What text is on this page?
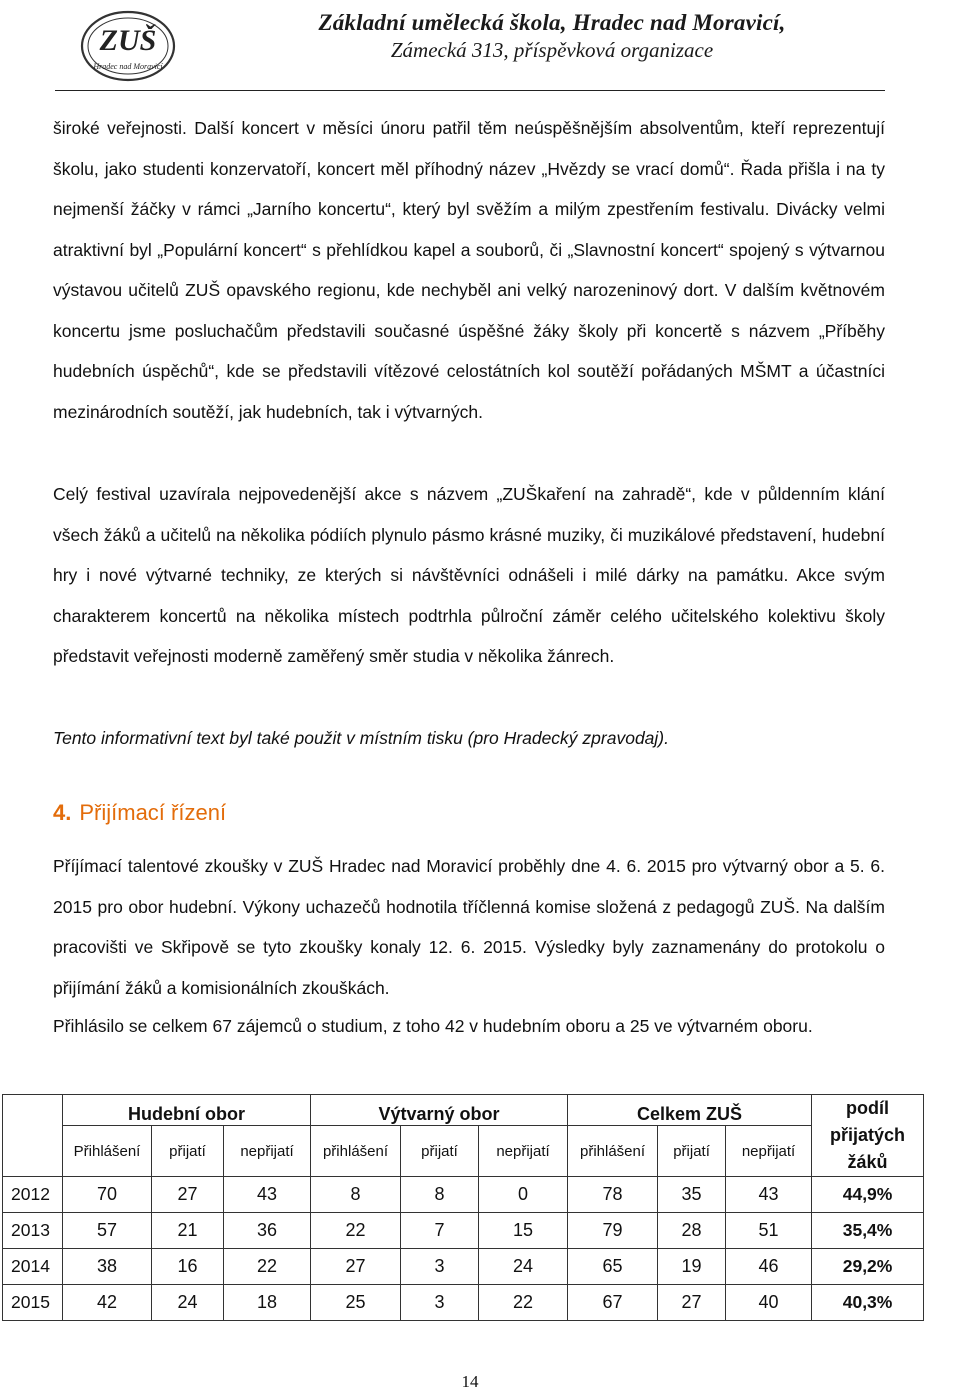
ZUŠ
Hradec nad Moravicí
Základní umělecká škola, Hradec nad Moravicí,
Zámecká 313, příspěvková organizace
široké veřejnosti. Další koncert v měsíci únoru patřil těm neúspěšnějším absolventům, kteří reprezentují školu, jako studenti konzervatoří, koncert měl příhodný název „Hvězdy se vrací domů“. Řada přišla i na ty nejmenší žáčky v rámci „Jarního koncertu“, který byl svěžím a milým zpestřením festivalu. Divácky velmi atraktivní byl „Populární koncert“ s přehlídkou kapel a souborů, či „Slavnostní koncert“ spojený s výtvarnou výstavou učitelů ZUŠ opavského regionu, kde nechyběl ani velký narozeninový dort. V dalším květnovém koncertu jsme posluchačům představili současné úspěšné žáky školy při koncertě s názvem „Příběhy hudebních úspěchů“, kde se představili vítězové celostátních kol soutěží pořádaných MŠMT a účastníci mezinárodních soutěží, jak hudebních, tak i výtvarných.
Celý festival uzavírala nejpovedenější akce s názvem „ZUŠkaření na zahradě“, kde v půldenním klání všech žáků a učitelů na několika pódiích plynulo pásmo krásné muziky, či muzikálové představení, hudební hry i nové výtvarné techniky, ze kterých si návštěvníci odnášeli i milé dárky na památku. Akce svým charakterem koncertů na několika místech podtrhla půlroční záměr celého učitelského kolektivu školy představit veřejnosti moderně zaměřený směr studia v několika žánrech.
Tento informativní text byl také použit v místním tisku (pro Hradecký zpravodaj).
4. Přijímací řízení
Příjímací talentové zkoušky v ZUŠ Hradec nad Moravicí proběhly dne 4. 6. 2015 pro výtvarný obor a 5. 6. 2015 pro obor hudební. Výkony uchazečů hodnotila tříčlenná komise složená z pedagogů ZUŠ. Na dalším pracovišti ve Skřipově se tyto zkoušky konaly 12. 6. 2015. Výsledky byly zaznamenány do protokolu o přijímání žáků a komisionálních zkouškách.
Přihlásilo se celkem 67 zájemců o studium, z toho 42 v hudebním oboru a 25 ve výtvarném oboru.
	Hudební obor			Výtvarný obor			Celkem ZUŠ			podíl přijatých žáků
	Přihlášení	přijatí	nepřijatí	přihlášení	přijatí	nepřijatí	přihlášení	přijatí	nepřijatí	
2012	70	27	43	8	8	0	78	35	43	44,9%
2013	57	21	36	22	7	15	79	28	51	35,4%
2014	38	16	22	27	3	24	65	19	46	29,2%
2015	42	24	18	25	3	22	67	27	40	40,3%
14
